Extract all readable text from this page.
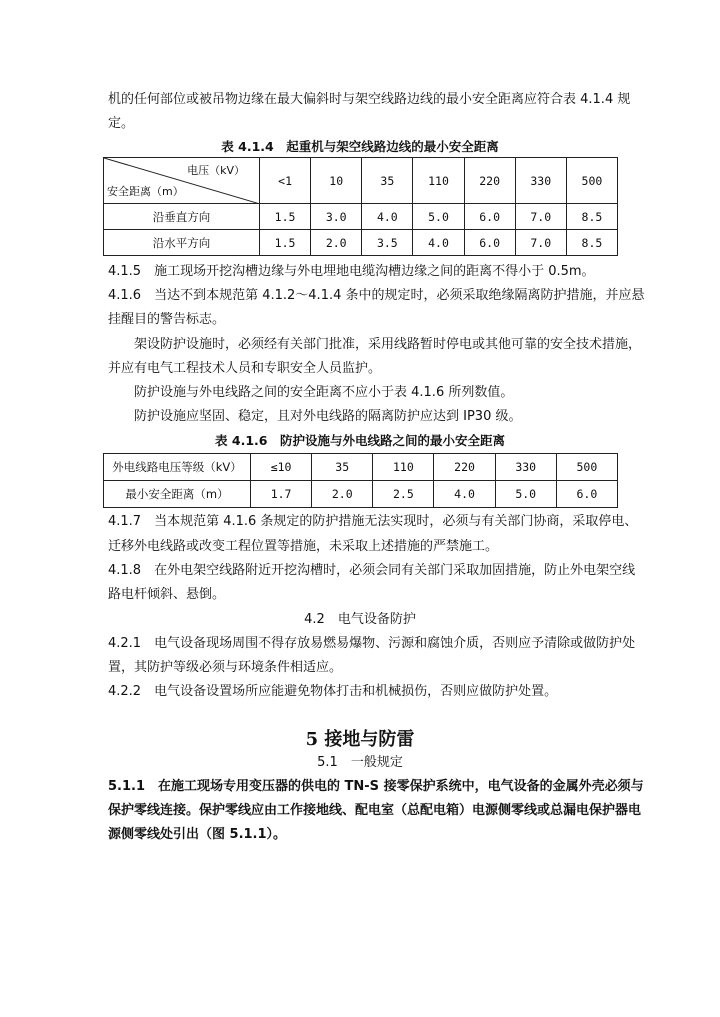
机的任何部位或被吊物边缘在最大偏斜时与架空线路边线的最小安全距离应符合表 4.1.4 规
定。
表 4.1.4　起重机与架空线路边线的最小安全距离
电压（kV）
安全距离（m）	<1	10	35	110	220	330	500
沿垂直方向	1.5	3.0	4.0	5.0	6.0	7.0	8.5
沿水平方向	1.5	2.0	3.5	4.0	6.0	7.0	8.5
4.1.5　施工现场开挖沟槽边缘与外电埋地电缆沟槽边缘之间的距离不得小于 0.5m。
4.1.6　当达不到本规范第 4.1.2～4.1.4 条中的规定时，必须采取绝缘隔离防护措施，并应悬
挂醒目的警告标志。
架设防护设施时，必须经有关部门批准，采用线路暂时停电或其他可靠的安全技术措施，
并应有电气工程技术人员和专职安全人员监护。
防护设施与外电线路之间的安全距离不应小于表 4.1.6 所列数值。
防护设施应坚固、稳定，且对外电线路的隔离防护应达到 IP30 级。
表 4.1.6　防护设施与外电线路之间的最小安全距离
外电线路电压等级（kV）	≤10	35	110	220	330	500
最小安全距离（m）	1.7	2.0	2.5	4.0	5.0	6.0
4.1.7　当本规范第 4.1.6 条规定的防护措施无法实现时，必须与有关部门协商，采取停电、
迁移外电线路或改变工程位置等措施，未采取上述措施的严禁施工。
4.1.8　在外电架空线路附近开挖沟槽时，必须会同有关部门采取加固措施，防止外电架空线
路电杆倾斜、悬倒。
4.2　电气设备防护
4.2.1　电气设备现场周围不得存放易燃易爆物、污源和腐蚀介质，否则应予清除或做防护处
置，其防护等级必须与环境条件相适应。
4.2.2　电气设备设置场所应能避免物体打击和机械损伤，否则应做防护处置。
5 接地与防雷
5.1　一般规定
5.1.1　在施工现场专用变压器的供电的 TN-S 接零保护系统中，电气设备的金属外壳必须与
保护零线连接。保护零线应由工作接地线、配电室（总配电箱）电源侧零线或总漏电保护器电
源侧零线处引出（图 5.1.1）。
